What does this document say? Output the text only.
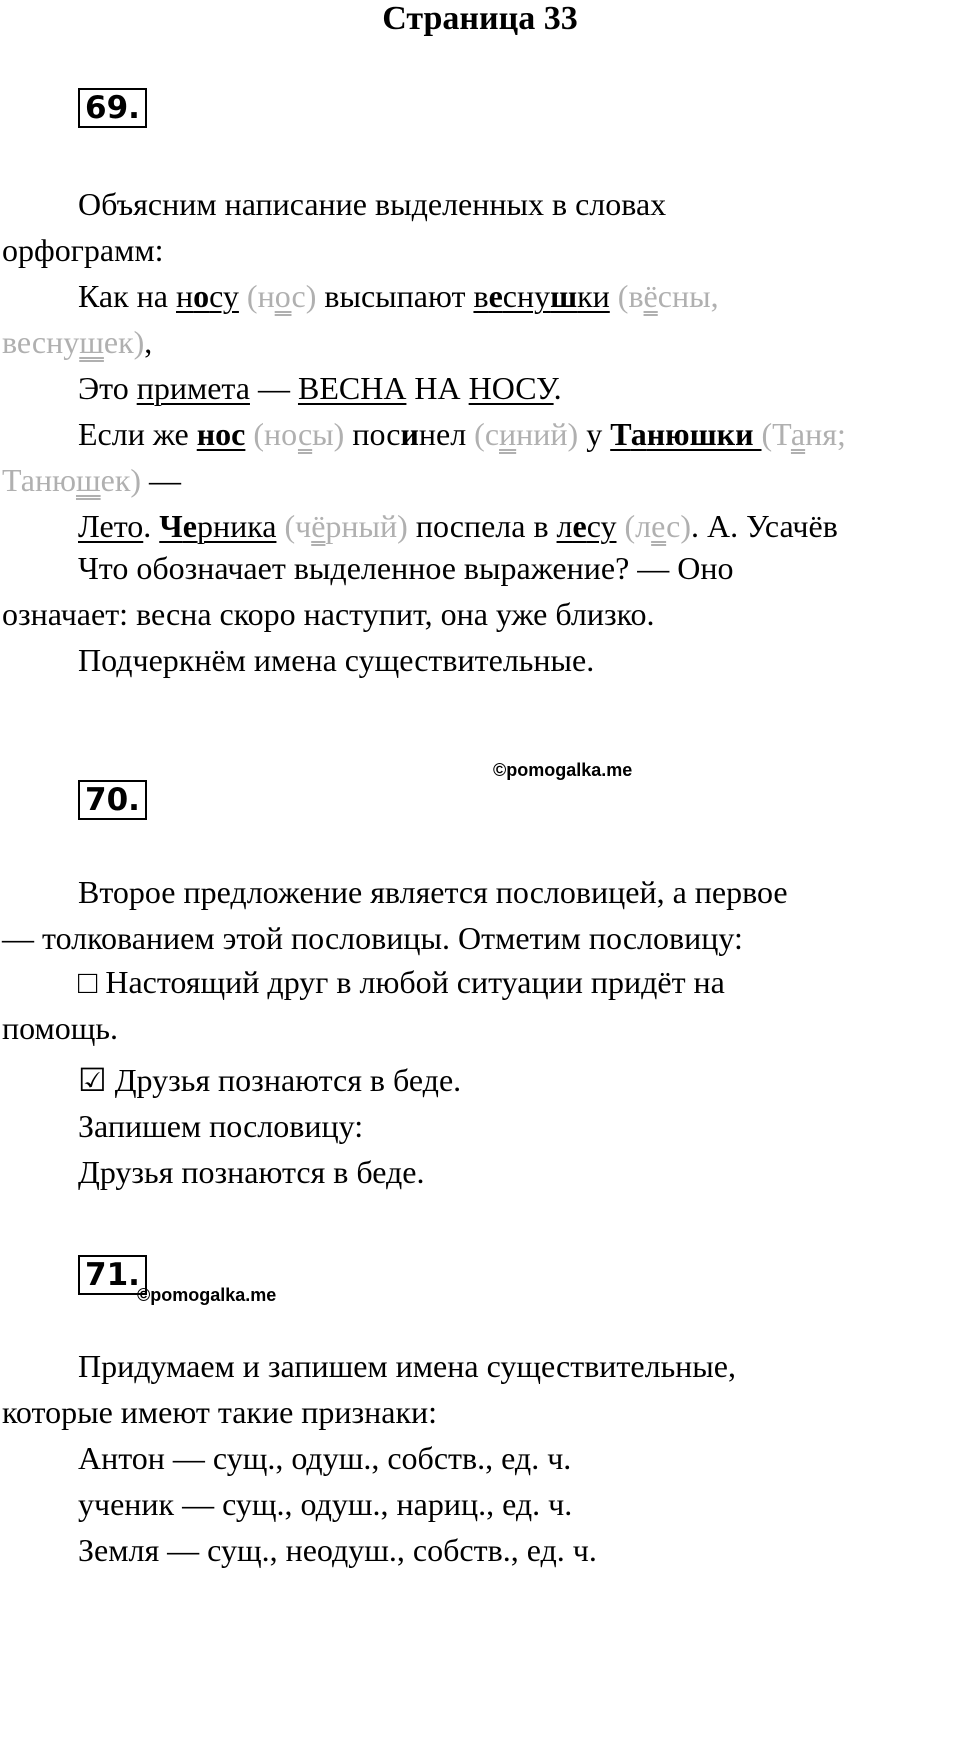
Страница 33
69.
Объясним написание выделенных в словах
орфограмм:
Как на носу (нос) высыпают веснушки (вёсны,
веснушек),
Это примета — ВЕСНА НА НОСУ.
Если же нос (носы) посинел (синий) у Танюшки (Таня;
Танюшек) —
Лето. Черника (чёрный) поспела в лесу (лес). А. Усачёв
Что обозначает выделенное выражение? — Оно
означает: весна скоро наступит, она уже близко.
Подчеркнём имена существительные.
©pomogalka.me
70.
Второе предложение является пословицей, а первое
— толкованием этой пословицы. Отметим пословицу:
□ Настоящий друг в любой ситуации придёт на
помощь.
☑ Друзья познаются в беде.
Запишем пословицу:
Друзья познаются в беде.
71.
©pomogalka.me
Придумаем и запишем имена существительные,
которые имеют такие признаки:
Антон — сущ., одуш., собств., ед. ч.
ученик — сущ., одуш., нариц., ед. ч.
Земля — сущ., неодуш., собств., ед. ч.
